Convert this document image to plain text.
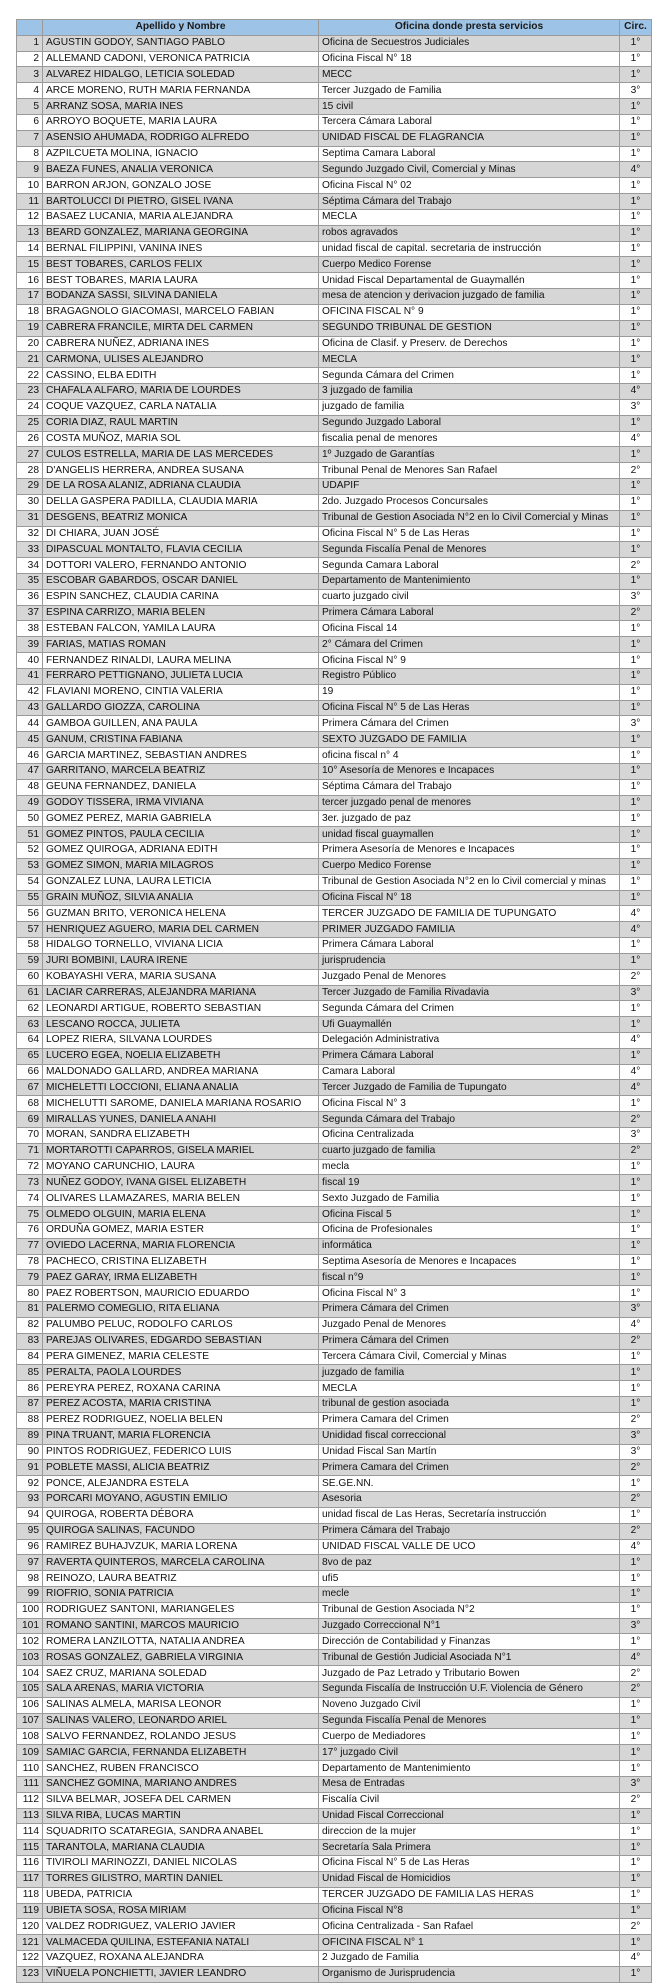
	Apellido y Nombre	Oficina donde presta servicios	Circ.
1	AGUSTIN GODOY, SANTIAGO PABLO	Oficina de Secuestros Judiciales	1°
2	ALLEMAND CADONI, VERONICA PATRICIA	Oficina Fiscal N° 18	1°
3	ALVAREZ HIDALGO, LETICIA SOLEDAD	MECC	1°
4	ARCE MORENO, RUTH MARIA FERNANDA	Tercer Juzgado de Familia	3°
5	ARRANZ SOSA, MARIA INES	15 civil	1°
6	ARROYO BOQUETE, MARIA LAURA	Tercera Cámara Laboral	1°
7	ASENSIO AHUMADA, RODRIGO ALFREDO	UNIDAD FISCAL DE FLAGRANCIA	1°
8	AZPILCUETA MOLINA, IGNACIO	Septima Camara Laboral	1°
9	BAEZA FUNES, ANALIA VERONICA	Segundo Juzgado Civil, Comercial y Minas	4°
10	BARRON ARJON, GONZALO JOSE	Oficina Fiscal N° 02	1°
11	BARTOLUCCI DI PIETRO, GISEL IVANA	Séptima Cámara del Trabajo	1°
12	BASAEZ LUCANIA, MARIA ALEJANDRA	MECLA	1°
13	BEARD GONZALEZ, MARIANA GEORGINA	robos agravados	1°
14	BERNAL FILIPPINI, VANINA INES	unidad fiscal de capital. secretaria de instrucción	1°
15	BEST TOBARES, CARLOS FELIX	Cuerpo Medico Forense	1°
16	BEST TOBARES, MARIA LAURA	Unidad Fiscal Departamental de Guaymallén	1°
17	BODANZA SASSI, SILVINA DANIELA	mesa de atencion y derivacion juzgado de familia	1°
18	BRAGAGNOLO GIACOMASI, MARCELO FABIAN	OFICINA FISCAL N° 9	1°
19	CABRERA FRANCILE, MIRTA DEL CARMEN	SEGUNDO TRIBUNAL DE GESTION	1°
20	CABRERA NUÑEZ, ADRIANA INES	Oficina de Clasif. y Preserv. de Derechos	1°
21	CARMONA, ULISES ALEJANDRO	MECLA	1°
22	CASSINO, ELBA EDITH	Segunda Cámara del Crimen	1°
23	CHAFALA ALFARO, MARIA DE LOURDES	3 juzgado de familia	4°
24	COQUE VAZQUEZ, CARLA NATALIA	juzgado de familia	3°
25	CORIA DIAZ, RAUL MARTIN	Segundo Juzgado Laboral	1°
26	COSTA MUÑOZ, MARIA SOL	fiscalia penal de menores	4°
27	CULOS ESTRELLA, MARIA DE LAS MERCEDES	1º Juzgado de Garantías	1°
28	D'ANGELIS HERRERA, ANDREA SUSANA	Tribunal Penal de Menores San Rafael	2°
29	DE LA ROSA ALANIZ, ADRIANA CLAUDIA	UDAPIF	1°
30	DELLA GASPERA PADILLA, CLAUDIA MARIA	2do. Juzgado Procesos Concursales	1°
31	DESGENS, BEATRIZ MONICA	Tribunal de Gestion Asociada N°2 en lo Civil Comercial y Minas	1°
32	DI CHIARA, JUAN JOSÉ	Oficina Fiscal N° 5 de Las Heras	1°
33	DIPASCUAL MONTALTO, FLAVIA CECILIA	Segunda Fiscalía Penal de Menores	1°
34	DOTTORI VALERO, FERNANDO ANTONIO	Segunda Camara Laboral	2°
35	ESCOBAR GABARDOS, OSCAR DANIEL	Departamento de Mantenimiento	1°
36	ESPIN SANCHEZ, CLAUDIA CARINA	cuarto juzgado civil	3°
37	ESPINA CARRIZO, MARIA BELEN	Primera Cámara Laboral	2°
38	ESTEBAN FALCON, YAMILA LAURA	Oficina Fiscal 14	1°
39	FARIAS, MATIAS ROMAN	2° Cámara del Crimen	1°
40	FERNANDEZ RINALDI, LAURA MELINA	Oficina Fiscal N° 9	1°
41	FERRARO PETTIGNANO, JULIETA LUCIA	Registro Público	1°
42	FLAVIANI MORENO, CINTIA VALERIA	19	1°
43	GALLARDO GIOZZA, CAROLINA	Oficina Fiscal N° 5 de Las Heras	1°
44	GAMBOA GUILLEN, ANA PAULA	Primera Cámara del Crimen	3°
45	GANUM, CRISTINA FABIANA	SEXTO JUZGADO DE FAMILIA	1°
46	GARCIA MARTINEZ, SEBASTIAN ANDRES	oficina fiscal n° 4	1°
47	GARRITANO, MARCELA BEATRIZ	10° Asesoría de Menores e Incapaces	1°
48	GEUNA FERNANDEZ, DANIELA	Séptima Cámara del Trabajo	1°
49	GODOY TISSERA, IRMA VIVIANA	tercer juzgado penal de menores	1°
50	GOMEZ PEREZ, MARIA GABRIELA	3er. juzgado de paz	1°
51	GOMEZ PINTOS, PAULA CECILIA	unidad fiscal guaymallen	1°
52	GOMEZ QUIROGA, ADRIANA EDITH	Primera Asesoría de Menores e Incapaces	1°
53	GOMEZ SIMON, MARIA MILAGROS	Cuerpo Medico Forense	1°
54	GONZALEZ LUNA, LAURA LETICIA	Tribunal de Gestion Asociada N°2 en lo Civil comercial y minas	1°
55	GRAIN MUÑOZ, SILVIA ANALIA	Oficina Fiscal N° 18	1°
56	GUZMAN BRITO, VERONICA HELENA	TERCER JUZGADO DE FAMILIA DE TUPUNGATO	4°
57	HENRIQUEZ AGUERO, MARIA DEL CARMEN	PRIMER JUZGADO FAMILIA	4°
58	HIDALGO TORNELLO, VIVIANA LICIA	Primera Cámara Laboral	1°
59	JURI BOMBINI, LAURA IRENE	jurisprudencia	1°
60	KOBAYASHI VERA, MARIA SUSANA	Juzgado Penal de Menores	2°
61	LACIAR CARRERAS, ALEJANDRA MARIANA	Tercer Juzgado de Familia Rivadavia	3°
62	LEONARDI ARTIGUE, ROBERTO SEBASTIAN	Segunda Cámara del Crimen	1°
63	LESCANO ROCCA, JULIETA	Ufi Guaymallén	1°
64	LOPEZ RIERA, SILVANA LOURDES	Delegación Administrativa	4°
65	LUCERO EGEA, NOELIA ELIZABETH	Primera Cámara Laboral	1°
66	MALDONADO GALLARD, ANDREA MARIANA	Camara Laboral	4°
67	MICHELETTI LOCCIONI, ELIANA ANALIA	Tercer Juzgado de Familia de Tupungato	4°
68	MICHELUTTI SAROME, DANIELA MARIANA ROSARIO	Oficina Fiscal N° 3	1°
69	MIRALLAS YUNES, DANIELA ANAHI	Segunda Cámara del Trabajo	2°
70	MORAN, SANDRA ELIZABETH	Oficina Centralizada	3°
71	MORTAROTTI CAPARROS, GISELA MARIEL	cuarto juzgado de familia	2°
72	MOYANO CARUNCHIO, LAURA	mecla	1°
73	NUÑEZ GODOY, IVANA GISEL ELIZABETH	fiscal 19	1°
74	OLIVARES LLAMAZARES, MARIA BELEN	Sexto Juzgado de Familia	1°
75	OLMEDO OLGUIN, MARIA ELENA	Oficina Fiscal 5	1°
76	ORDUÑA GOMEZ, MARIA ESTER	Oficina de Profesionales	1°
77	OVIEDO LACERNA, MARIA FLORENCIA	informática	1°
78	PACHECO, CRISTINA ELIZABETH	Septima Asesoría de Menores e Incapaces	1°
79	PAEZ GARAY, IRMA ELIZABETH	fiscal n°9	1°
80	PAEZ ROBERTSON, MAURICIO EDUARDO	Oficina Fiscal N° 3	1°
81	PALERMO COMEGLIO, RITA ELIANA	Primera Cámara del Crimen	3°
82	PALUMBO PELUC, RODOLFO CARLOS	Juzgado Penal de Menores	4°
83	PAREJAS OLIVARES, EDGARDO SEBASTIAN	Primera Cámara del Crimen	2°
84	PERA GIMENEZ, MARIA CELESTE	Tercera Cámara Civil, Comercial y Minas	1°
85	PERALTA, PAOLA LOURDES	juzgado de familia	1°
86	PEREYRA PEREZ, ROXANA CARINA	MECLA	1°
87	PEREZ ACOSTA, MARIA CRISTINA	tribunal de gestion asociada	1°
88	PEREZ RODRIGUEZ, NOELIA BELEN	Primera Camara del Crimen	2°
89	PINA TRUANT, MARIA FLORENCIA	Unididad fiscal correccional	3°
90	PINTOS RODRIGUEZ, FEDERICO LUIS	Unidad Fiscal San Martín	3°
91	POBLETE MASSI, ALICIA BEATRIZ	Primera Camara del Crimen	2°
92	PONCE, ALEJANDRA ESTELA	SE.GE.NN.	1°
93	PORCARI MOYANO, AGUSTIN EMILIO	Asesoria	2°
94	QUIROGA, ROBERTA DÉBORA	unidad fiscal de Las Heras, Secretaría instrucción	1°
95	QUIROGA SALINAS, FACUNDO	Primera Cámara del Trabajo	2°
96	RAMIREZ BUHAJVZUK, MARIA LORENA	UNIDAD FISCAL VALLE DE UCO	4°
97	RAVERTA QUINTEROS, MARCELA CAROLINA	8vo de paz	1°
98	REINOZO, LAURA BEATRIZ	ufi5	1°
99	RIOFRIO, SONIA PATRICIA	mecle	1°
100	RODRIGUEZ SANTONI, MARIANGELES	Tribunal de Gestion Asociada N°2	1°
101	ROMANO SANTINI, MARCOS MAURICIO	Juzgado Correccional N°1	3°
102	ROMERA LANZILOTTA, NATALIA ANDREA	Dirección de Contabilidad y Finanzas	1°
103	ROSAS GONZALEZ, GABRIELA VIRGINIA	Tribunal de Gestión Judicial Asociada N°1	4°
104	SAEZ CRUZ, MARIANA SOLEDAD	Juzgado de Paz Letrado y Tributario Bowen	2°
105	SALA ARENAS, MARIA VICTORIA	Segunda Fiscalía de Instrucción U.F. Violencia de Género	2°
106	SALINAS ALMELA, MARISA LEONOR	Noveno Juzgado Civil	1°
107	SALINAS VALERO, LEONARDO ARIEL	Segunda Fiscalía Penal de Menores	1°
108	SALVO FERNANDEZ, ROLANDO JESUS	Cuerpo de Mediadores	1°
109	SAMIAC GARCIA, FERNANDA ELIZABETH	17° juzgado Civil	1°
110	SANCHEZ, RUBEN FRANCISCO	Departamento de Mantenimiento	1°
111	SANCHEZ GOMINA, MARIANO ANDRES	Mesa de Entradas	3°
112	SILVA BELMAR, JOSEFA DEL CARMEN	Fiscalía Civil	2°
113	SILVA RIBA, LUCAS MARTIN	Unidad Fiscal Correccional	1°
114	SQUADRITO SCATAREGIA, SANDRA ANABEL	direccion de la mujer	1°
115	TARANTOLA, MARIANA CLAUDIA	Secretaría Sala Primera	1°
116	TIVIROLI MARINOZZI, DANIEL NICOLAS	Oficina Fiscal N° 5 de Las Heras	1°
117	TORRES GILISTRO, MARTIN DANIEL	Unidad Fiscal de Homicidios	1°
118	UBEDA, PATRICIA	TERCER JUZGADO DE FAMILIA LAS HERAS	1°
119	UBIETA SOSA, ROSA MIRIAM	Oficina Fiscal N°8	1°
120	VALDEZ RODRIGUEZ, VALERIO JAVIER	Oficina Centralizada - San Rafael	2°
121	VALMACEDA QUILINA, ESTEFANIA NATALI	OFICINA FISCAL N° 1	1°
122	VAZQUEZ, ROXANA ALEJANDRA	2 Juzgado de Familia	4°
123	VIÑUELA PONCHIETTI, JAVIER LEANDRO	Organismo de Jurisprudencia	1°
